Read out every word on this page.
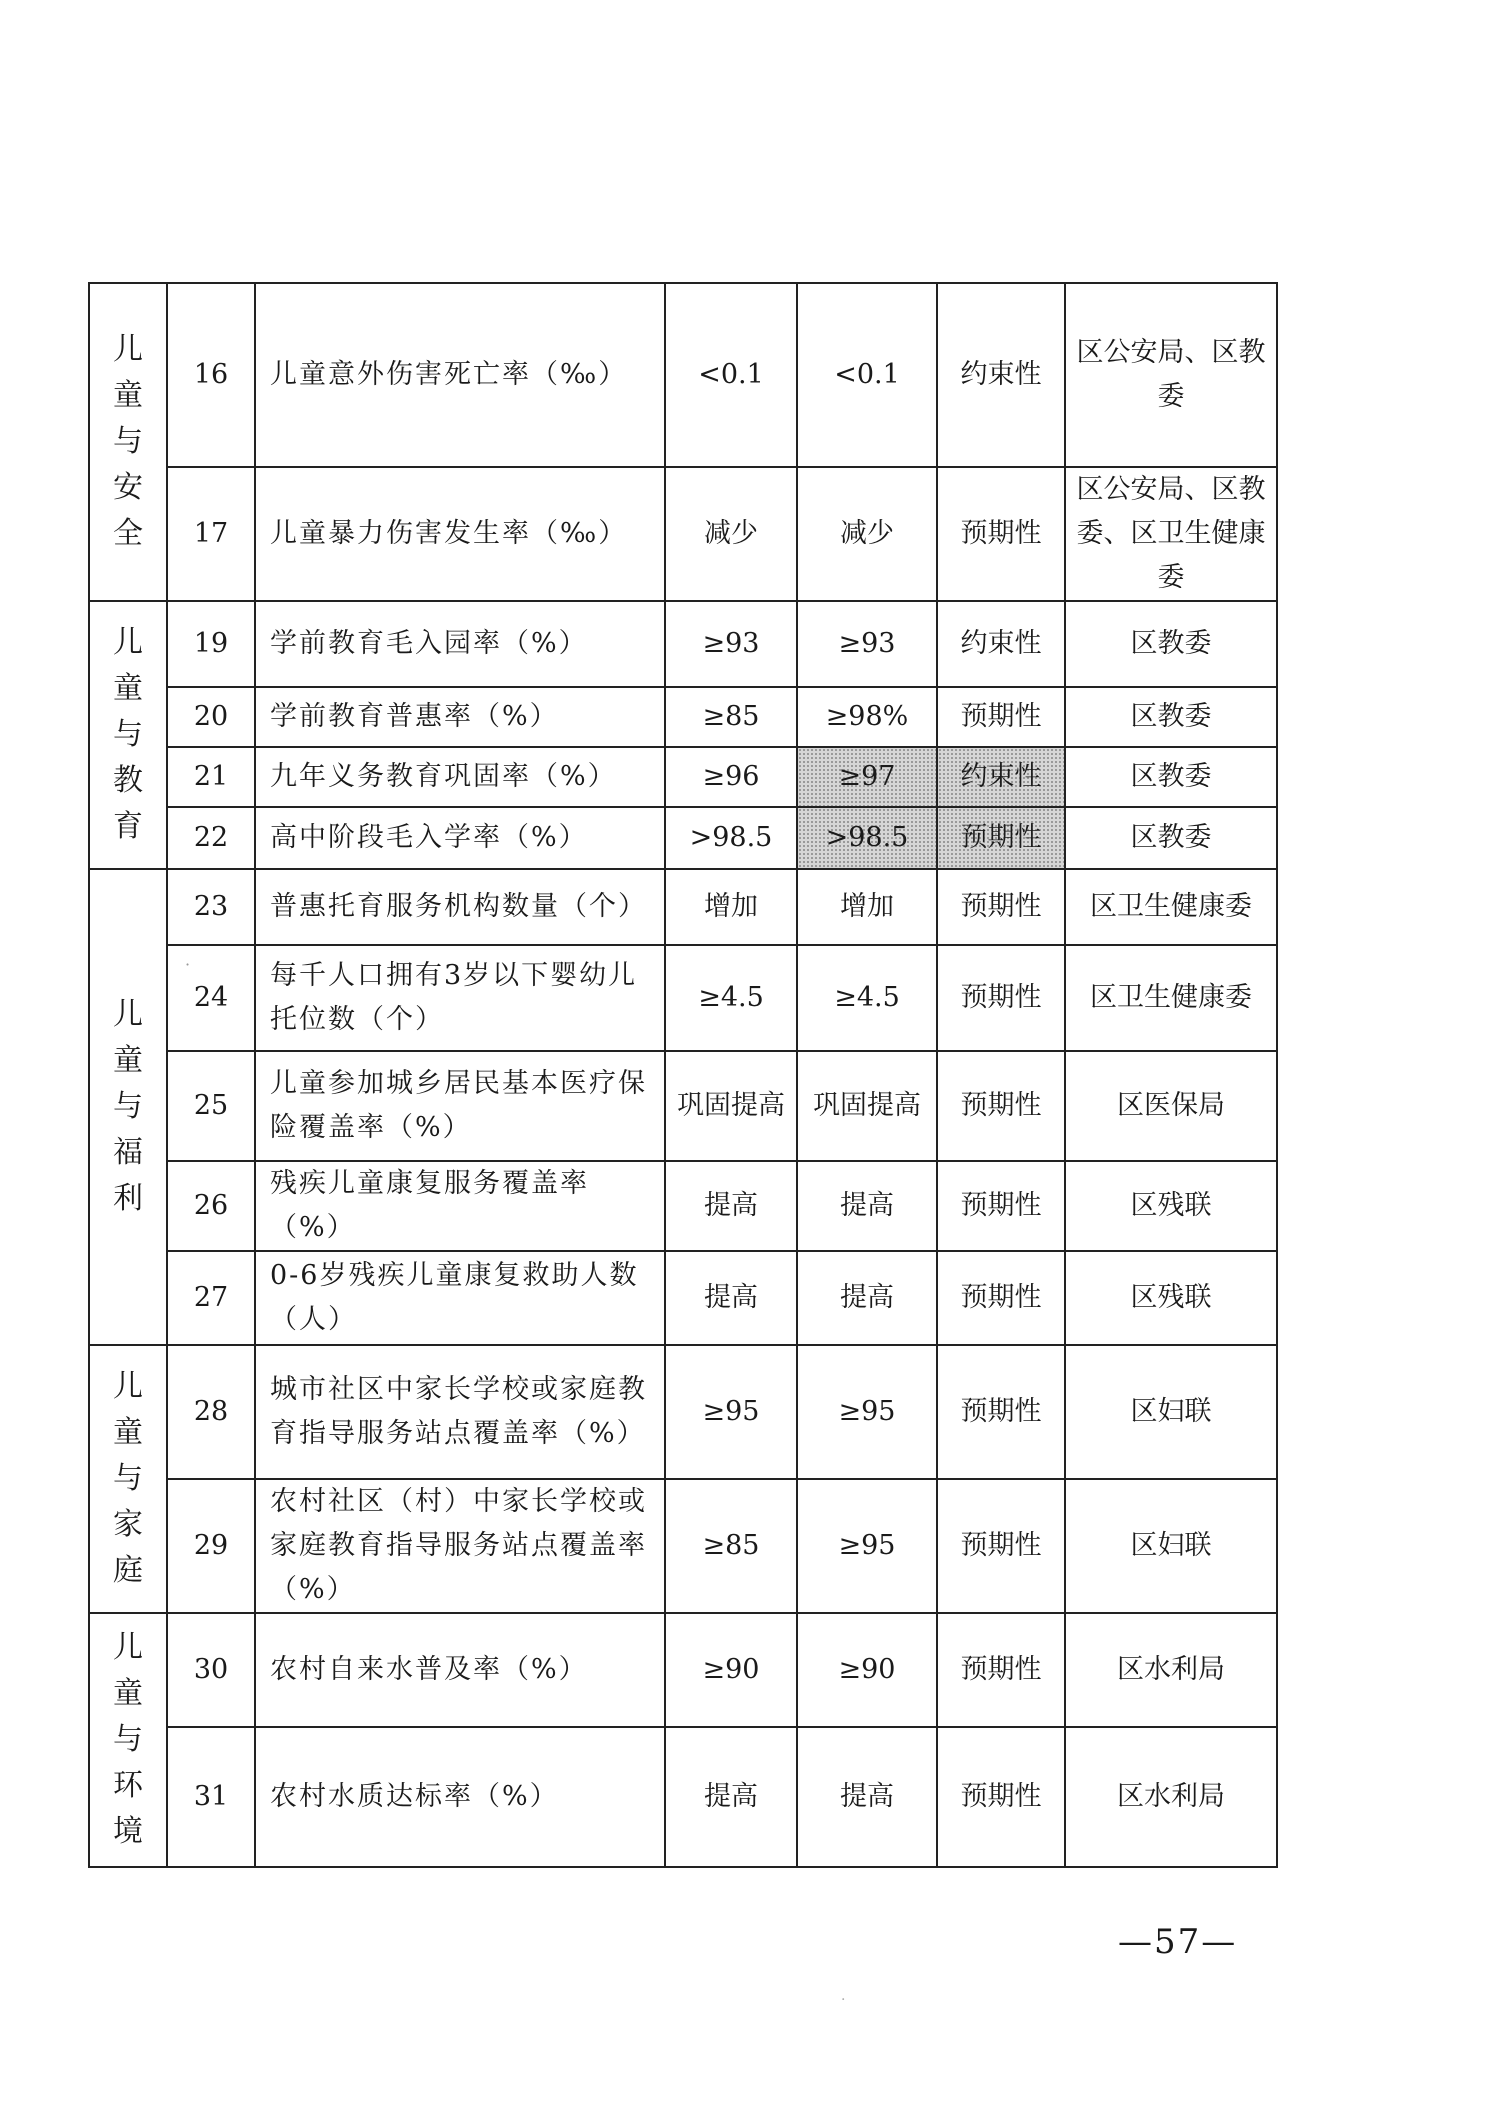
儿童与安全	16	儿童意外伤害死亡率（‰）	<0.1	<0.1	约束性	区公安局、区教委
	17	儿童暴力伤害发生率（‰）	减少	减少	预期性	区公安局、区教委、区卫生健康委
儿童与教育	19	学前教育毛入园率（%）	≥93	≥93	约束性	区教委
	20	学前教育普惠率（%）	≥85	≥98%	预期性	区教委
	21	九年义务教育巩固率（%）	≥96	≥97	约束性	区教委
	22	高中阶段毛入学率（%）	>98.5	>98.5	预期性	区教委
儿童与福利	23	普惠托育服务机构数量（个）	增加	增加	预期性	区卫生健康委
	24	每千人口拥有3岁以下婴幼儿托位数（个）	≥4.5	≥4.5	预期性	区卫生健康委
	25	儿童参加城乡居民基本医疗保险覆盖率（%）	巩固提高	巩固提高	预期性	区医保局
	26	残疾儿童康复服务覆盖率（%）	提高	提高	预期性	区残联
	27	0-6岁残疾儿童康复救助人数（人）	提高	提高	预期性	区残联
儿童与家庭	28	城市社区中家长学校或家庭教育指导服务站点覆盖率（%）	≥95	≥95	预期性	区妇联
	29	农村社区（村）中家长学校或家庭教育指导服务站点覆盖率（%）	≥85	≥95	预期性	区妇联
儿童与环境	30	农村自来水普及率（%）	≥90	≥90	预期性	区水利局
	31	农村水质达标率（%）	提高	提高	预期性	区水利局
·
·
—57—
